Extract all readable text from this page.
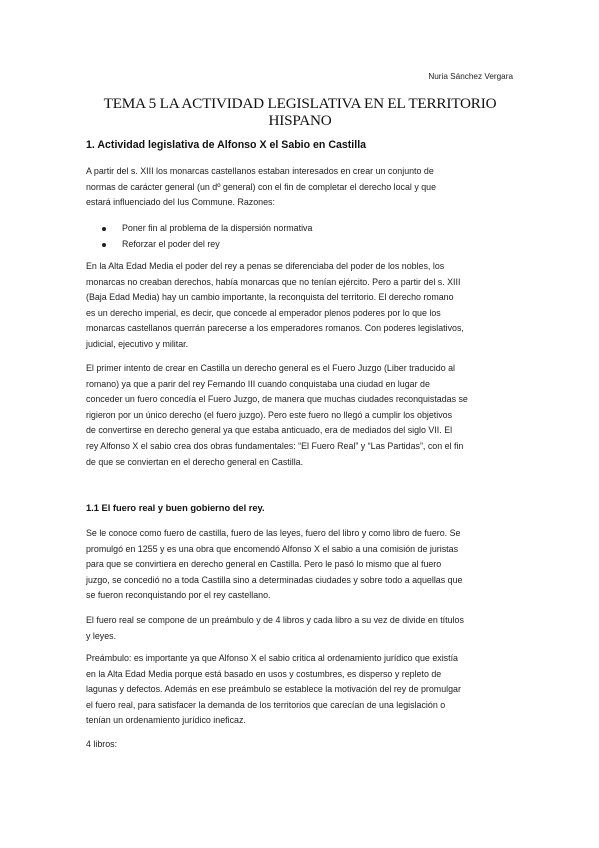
Nuria Sánchez Vergara
TEMA 5 LA ACTIVIDAD LEGISLATIVA EN EL TERRITORIO
HISPANO
1. Actividad legislativa de Alfonso X el Sabio en Castilla
A partir del s. XIII los monarcas castellanos estaban interesados en crear un conjunto de
normas de carácter general (un dº general) con el fin de completar el derecho local y que
estará influenciado del Ius Commune. Razones:
Poner fin al problema de la dispersión normativa
Reforzar el poder del rey
En la Alta Edad Media el poder del rey a penas se diferenciaba del poder de los nobles, los
monarcas no creaban derechos, había monarcas que no tenían ejército. Pero a partir del s. XIII
(Baja Edad Media) hay un cambio importante, la reconquista del territorio. El derecho romano
es un derecho imperial, es decir, que concede al emperador plenos poderes por lo que los
monarcas castellanos querrán parecerse a los emperadores romanos. Con poderes legislativos,
judicial, ejecutivo y militar.
El primer intento de crear en Castilla un derecho general es el Fuero Juzgo (Liber traducido al
romano) ya que a parir del rey Fernando III cuando conquistaba una ciudad en lugar de
conceder un fuero concedía el Fuero Juzgo, de manera que muchas ciudades reconquistadas se
rigieron por un único derecho (el fuero juzgo). Pero este fuero no llegó a cumplir los objetivos
de convertirse en derecho general ya que estaba anticuado, era de mediados del siglo VII. El
rey Alfonso X el sabio crea dos obras fundamentales: “El Fuero Real” y “Las Partidas”, con el fin
de que se conviertan en el derecho general en Castilla.
1.1 El fuero real y buen gobierno del rey.
Se le conoce como fuero de castilla, fuero de las leyes, fuero del libro y como libro de fuero. Se
promulgó en 1255 y es una obra que encomendó Alfonso X el sabio a una comisión de juristas
para que se convirtiera en derecho general en Castilla. Pero le pasó lo mismo que al fuero
juzgo, se concedió no a toda Castilla sino a determinadas ciudades y sobre todo a aquellas que
se fueron reconquistando por el rey castellano.
El fuero real se compone de un preámbulo y de 4 libros y cada libro a su vez de divide en títulos
y leyes.
Preámbulo: es importante ya que Alfonso X el sabio critica al ordenamiento jurídico que existía
en la Alta Edad Media porque está basado en usos y costumbres, es disperso y repleto de
lagunas y defectos. Además en ese preámbulo se establece la motivación del rey de promulgar
el fuero real, para satisfacer la demanda de los territorios que carecían de una legislación o
tenían un ordenamiento jurídico ineficaz.
4 libros:
